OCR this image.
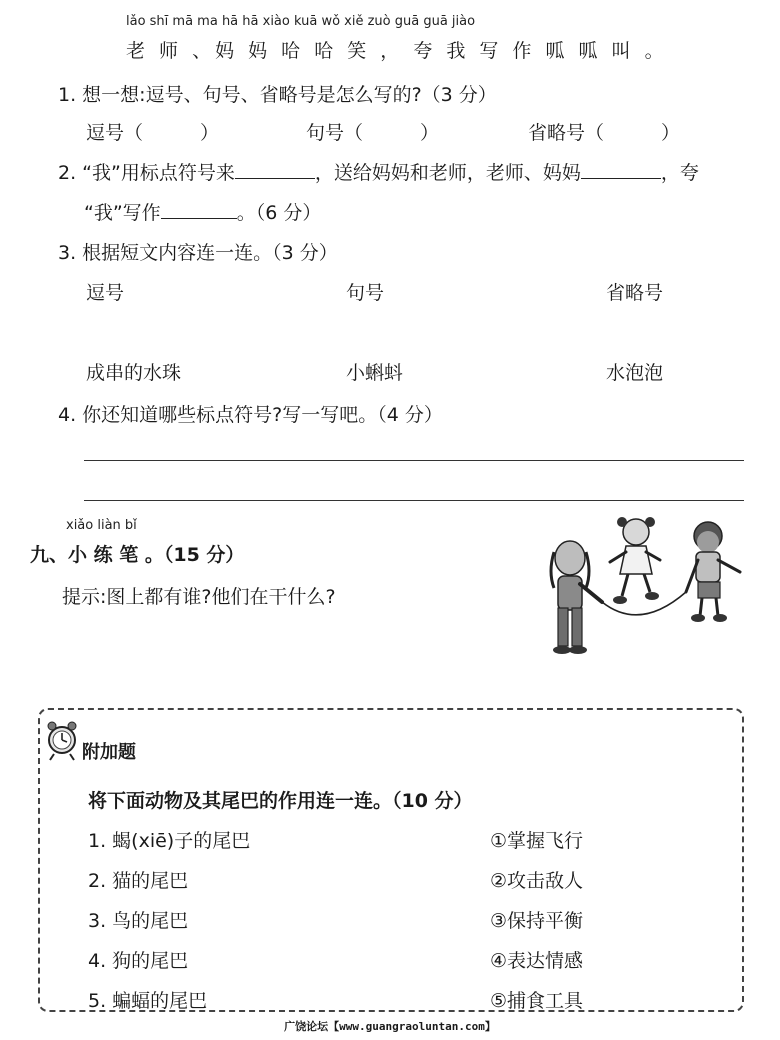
lǎo shī mā ma hā hā xiào kuā wǒ xiě zuò guā guā jiào
老 师 、妈 妈 哈 哈 笑 ， 夸 我 写 作 呱 呱 叫 。
1. 想一想:逗号、句号、省略号是怎么写的?（3 分）
逗号（　　　）	句号（　　　）	省略号（　　　）
2. “我”用标点符号来	，送给妈妈和老师，老师、妈妈	，夸
“我”写作	。（6 分）
3. 根据短文内容连一连。（3 分）
逗号	句号	省略号
成串的水珠	小蝌蚪	水泡泡
4. 你还知道哪些标点符号?写一写吧。（4 分）
xiǎo liàn bǐ
九、小 练 笔 。（15 分）
提示:图上都有谁?他们在干什么?
附加题
将下面动物及其尾巴的作用连一连。（10 分）
1. 蝎(xiē)子的尾巴
2. 猫的尾巴
3. 鸟的尾巴
4. 狗的尾巴
5. 蝙蝠的尾巴
①掌握飞行
②攻击敌人
③保持平衡
④表达情感
⑤捕食工具
广饶论坛【www.guangraoluntan.com】
